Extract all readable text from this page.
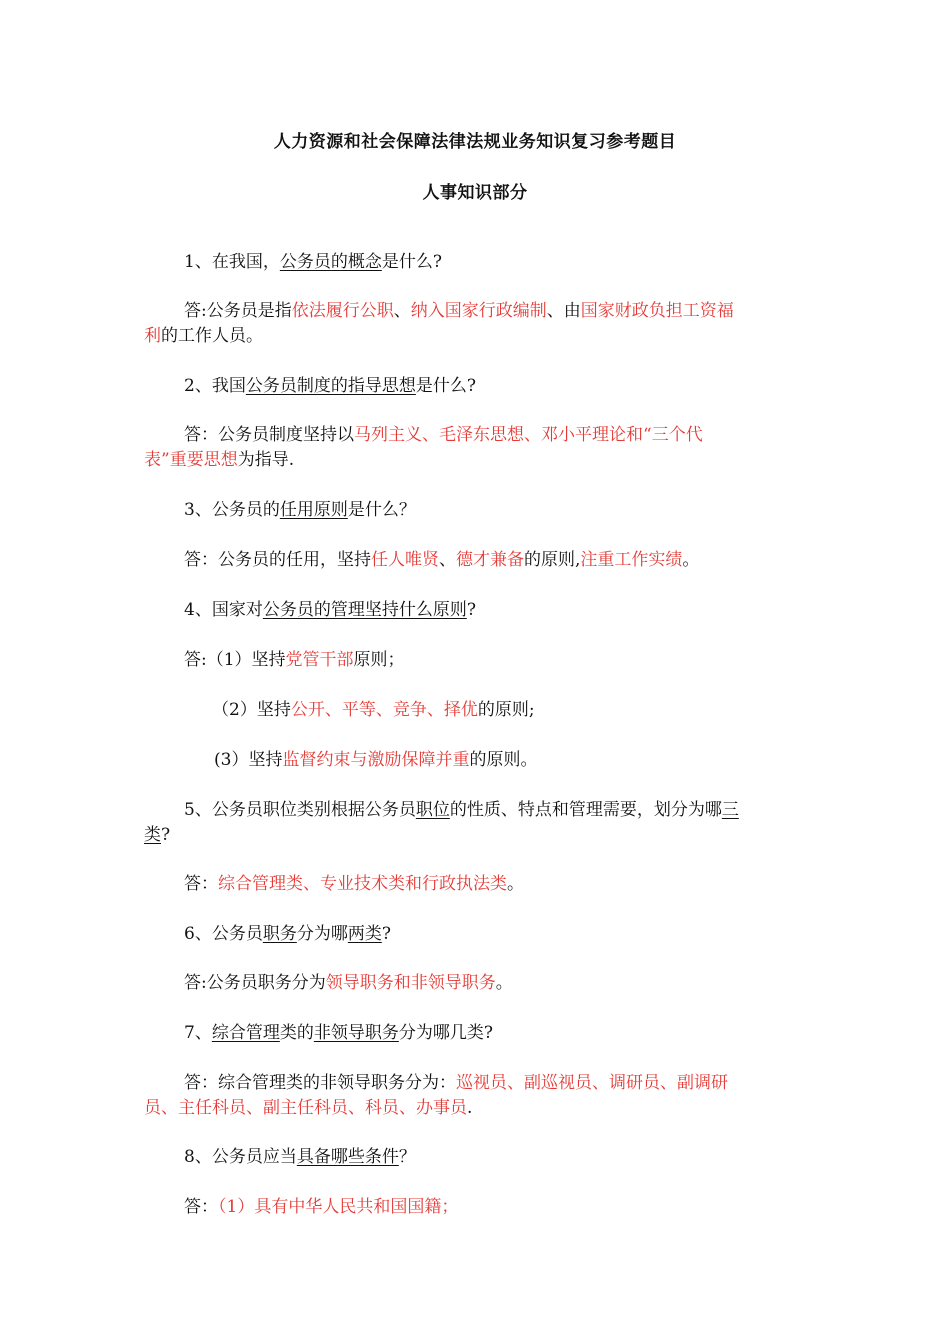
人力资源和社会保障法律法规业务知识复习参考题目
人事知识部分
1、在我国，公务员的概念是什么?
答:公务员是指依法履行公职、纳入国家行政编制、由国家财政负担工资福
利的工作人员。
2、我国公务员制度的指导思想是什么?
答：公务员制度坚持以马列主义、毛泽东思想、邓小平理论和“三个代
表”重要思想为指导.
3、公务员的任用原则是什么？
答：公务员的任用，坚持任人唯贤、德才兼备的原则,注重工作实绩。
4、国家对公务员的管理坚持什么原则?
答:（1）坚持党管干部原则；
（2）坚持公开、平等、竞争、择优的原则;
(3）坚持监督约束与激励保障并重的原则。
5、公务员职位类别根据公务员职位的性质、特点和管理需要，划分为哪三
类?
答：综合管理类、专业技术类和行政执法类。
6、公务员职务分为哪两类?
答:公务员职务分为领导职务和非领导职务。
7、综合管理类的非领导职务分为哪几类?
答：综合管理类的非领导职务分为：巡视员、副巡视员、调研员、副调研
员、主任科员、副主任科员、科员、办事员.
8、公务员应当具备哪些条件？
答：（1）具有中华人民共和国国籍；
